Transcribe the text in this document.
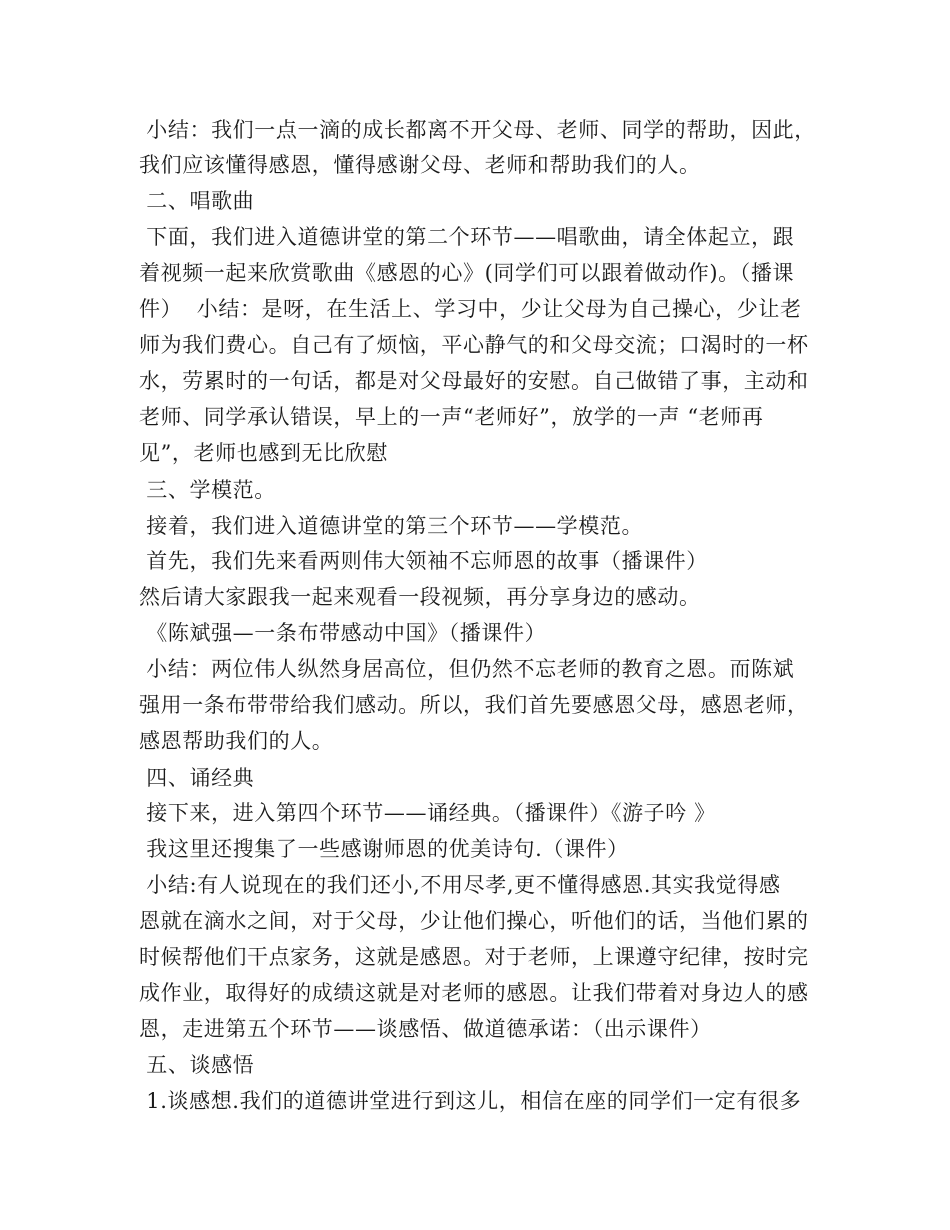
小结：我们一点一滴的成长都离不开父母、老师、同学的帮助，因此，
我们应该懂得感恩，懂得感谢父母、老师和帮助我们的人。
二、唱歌曲
下面，我们进入道德讲堂的第二个环节——唱歌曲，请全体起立，跟
着视频一起来欣赏歌曲《感恩的心》(同学们可以跟着做动作)。（播课
件）  小结：是呀，在生活上、学习中，少让父母为自己操心，少让老
师为我们费心。自己有了烦恼，平心静气的和父母交流；口渴时的一杯
水，劳累时的一句话，都是对父母最好的安慰。自己做错了事，主动和
老师、同学承认错误，早上的一声“老师好”，放学的一声 “老师再
见”，老师也感到无比欣慰
三、学模范。
接着，我们进入道德讲堂的第三个环节——学模范。
首先，我们先来看两则伟大领袖不忘师恩的故事（播课件）
然后请大家跟我一起来观看一段视频，再分享身边的感动。
《陈斌强—一条布带感动中国》（播课件）
小结：两位伟人纵然身居高位，但仍然不忘老师的教育之恩。而陈斌
强用一条布带带给我们感动。所以，我们首先要感恩父母，感恩老师，
感恩帮助我们的人。
四、诵经典
接下来，进入第四个环节——诵经典。（播课件）《游子吟 》
我这里还搜集了一些感谢师恩的优美诗句.（课件）
小结:有人说现在的我们还小,不用尽孝,更不懂得感恩.其实我觉得感
恩就在滴水之间，对于父母，少让他们操心，听他们的话，当他们累的
时候帮他们干点家务，这就是感恩。对于老师，上课遵守纪律，按时完
成作业，取得好的成绩这就是对老师的感恩。让我们带着对身边人的感
恩，走进第五个环节——谈感悟、做道德承诺：（出示课件）
五、谈感悟
1.谈感想.我们的道德讲堂进行到这儿，相信在座的同学们一定有很多
